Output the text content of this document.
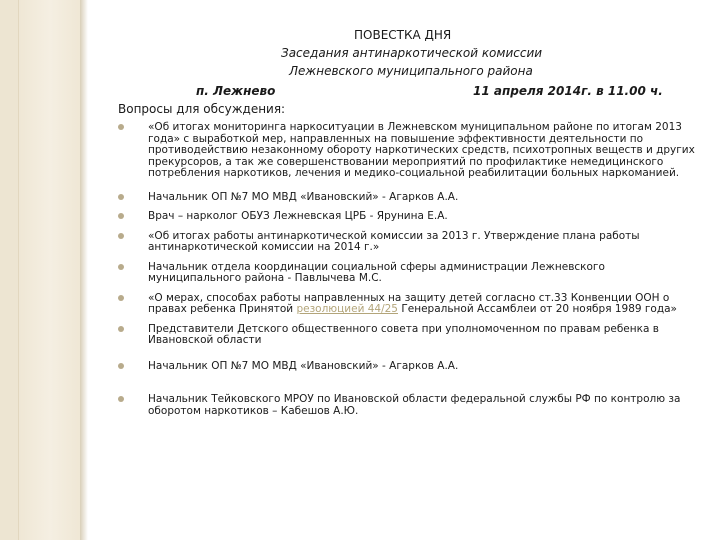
ПОВЕСТКА ДНЯ
Заседания антинаркотической комиссии
Лежневского муниципального района
п. Лежнево	11 апреля 2014г. в 11.00 ч.
Вопросы для обсуждения:
«Об итогах мониторинга наркоситуации в Лежневском муниципальном районе по итогам 2013 года» с выработкой мер, направленных на повышение эффективности деятельности по противодействию незаконному обороту наркотических средств, психотропных веществ и других прекурсоров, а так же совершенствовании мероприятий по профилактике немедицинского потребления наркотиков, лечения и медико-социальной реабилитации больных наркоманией.
Начальник ОП №7 МО МВД «Ивановский» - Агарков А.А.
Врач – нарколог ОБУЗ Лежневская ЦРБ - Ярунина Е.А.
«Об итогах работы антинаркотической комиссии за 2013 г. Утверждение плана работы антинаркотической комиссии на 2014 г.»
Начальник отдела координации социальной сферы администрации Лежневского муниципального района - Павлычева М.С.
«О мерах, способах работы направленных на защиту детей согласно ст.33 Конвенции ООН о правах ребенка Принятой резолюцией 44/25 Генеральной Ассамблеи от 20 ноября 1989 года»
Представители Детского общественного совета при уполномоченном по правам ребенка в Ивановской области
Начальник ОП №7 МО МВД «Ивановский» - Агарков А.А.
Начальник Тейковского МРОУ по Ивановской области федеральной службы РФ по контролю за оборотом наркотиков – Кабешов А.Ю.
